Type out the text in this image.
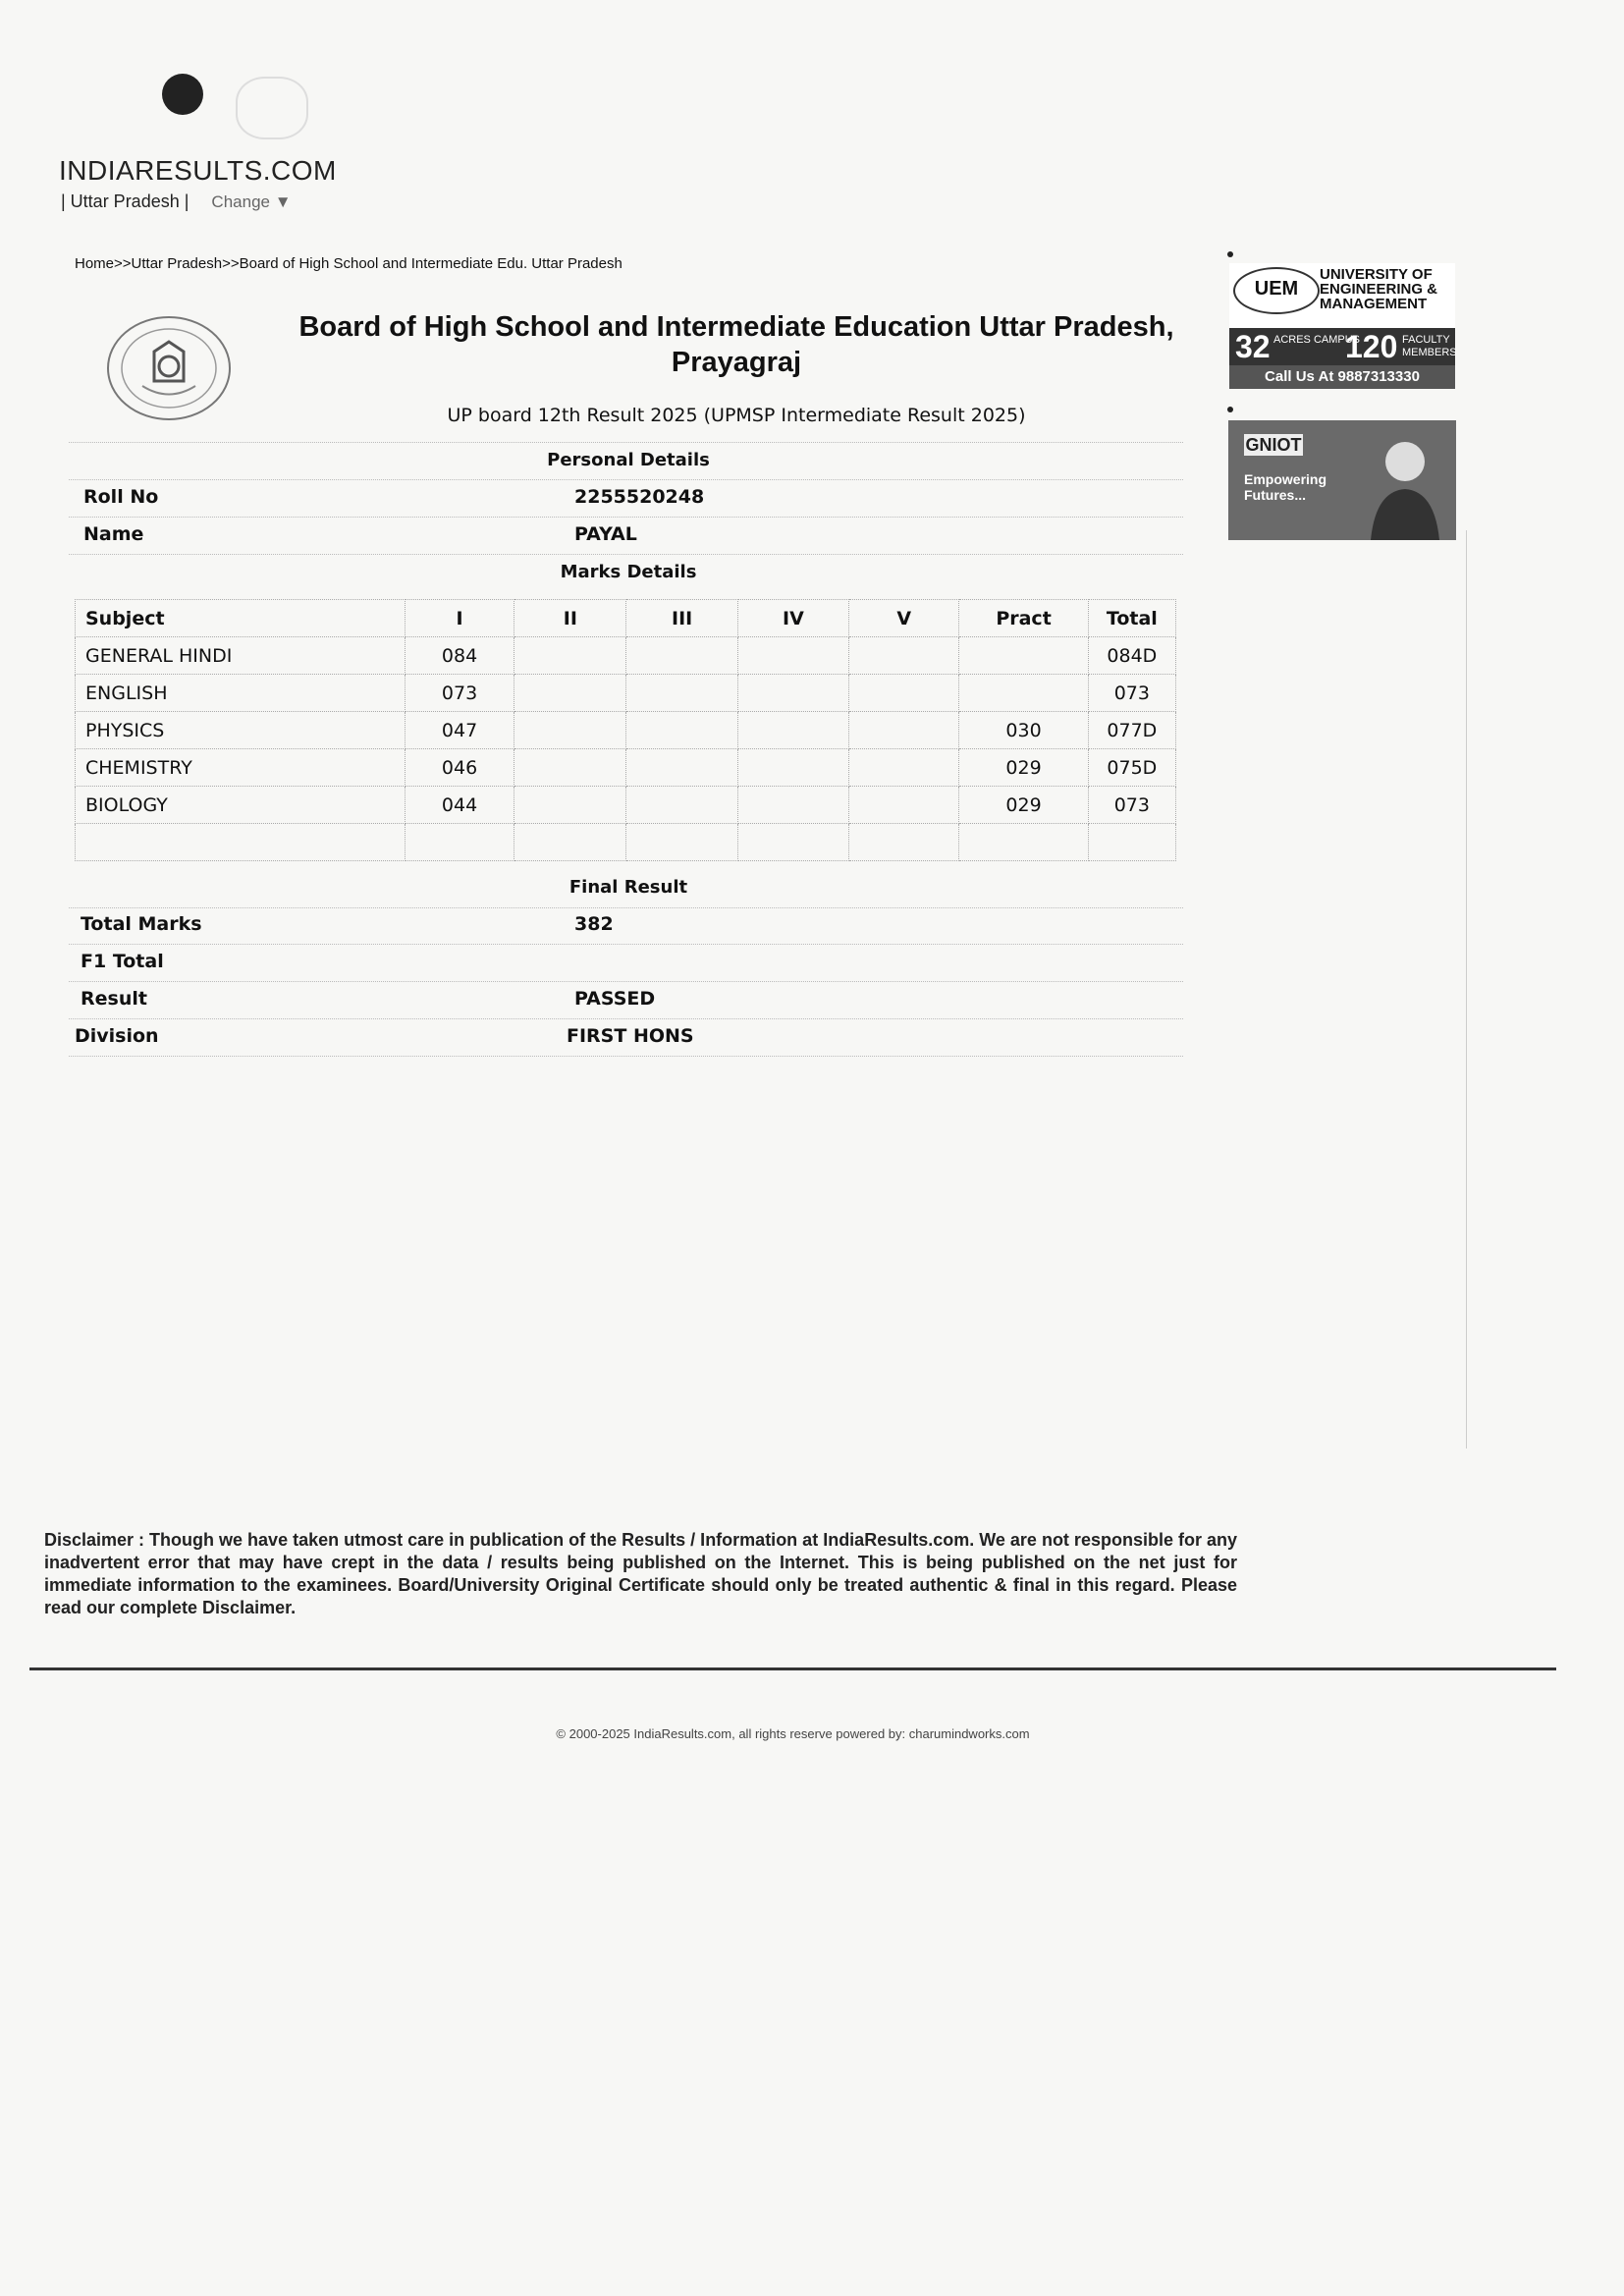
INDIARESULTS.COM
| Uttar Pradesh | Change ▼
Home>>Uttar Pradesh>>Board of High School and Intermediate Edu. Uttar Pradesh
Board of High School and Intermediate Education Uttar Pradesh, Prayagraj
UP board 12th Result 2025 (UPMSP Intermediate Result 2025)
Personal Details
Roll No	2255520248
Name	PAYAL
Marks Details
Subject	I	II	III	IV	V	Pract	Total
GENERAL HINDI	084						084D
ENGLISH	073						073
PHYSICS	047					030	077D
CHEMISTRY	046					029	075D
BIOLOGY	044					029	073

Final Result
Total Marks	382
F1 Total
Result	PASSED
Division	FIRST HONS
UEM
UNIVERSITY OF ENGINEERING & MANAGEMENT
32 ACRES CAMPUS
120 FACULTY MEMBERS
Call Us At 9887313330
GNIOT
Empowering Futures...
Disclaimer : Though we have taken utmost care in publication of the Results / Information at IndiaResults.com. We are not responsible for any inadvertent error that may have crept in the data / results being published on the Internet. This is being published on the net just for immediate information to the examinees. Board/University Original Certificate should only be treated authentic & final in this regard. Please read our complete Disclaimer.
© 2000-2025 IndiaResults.com, all rights reserve powered by: charumindworks.com
